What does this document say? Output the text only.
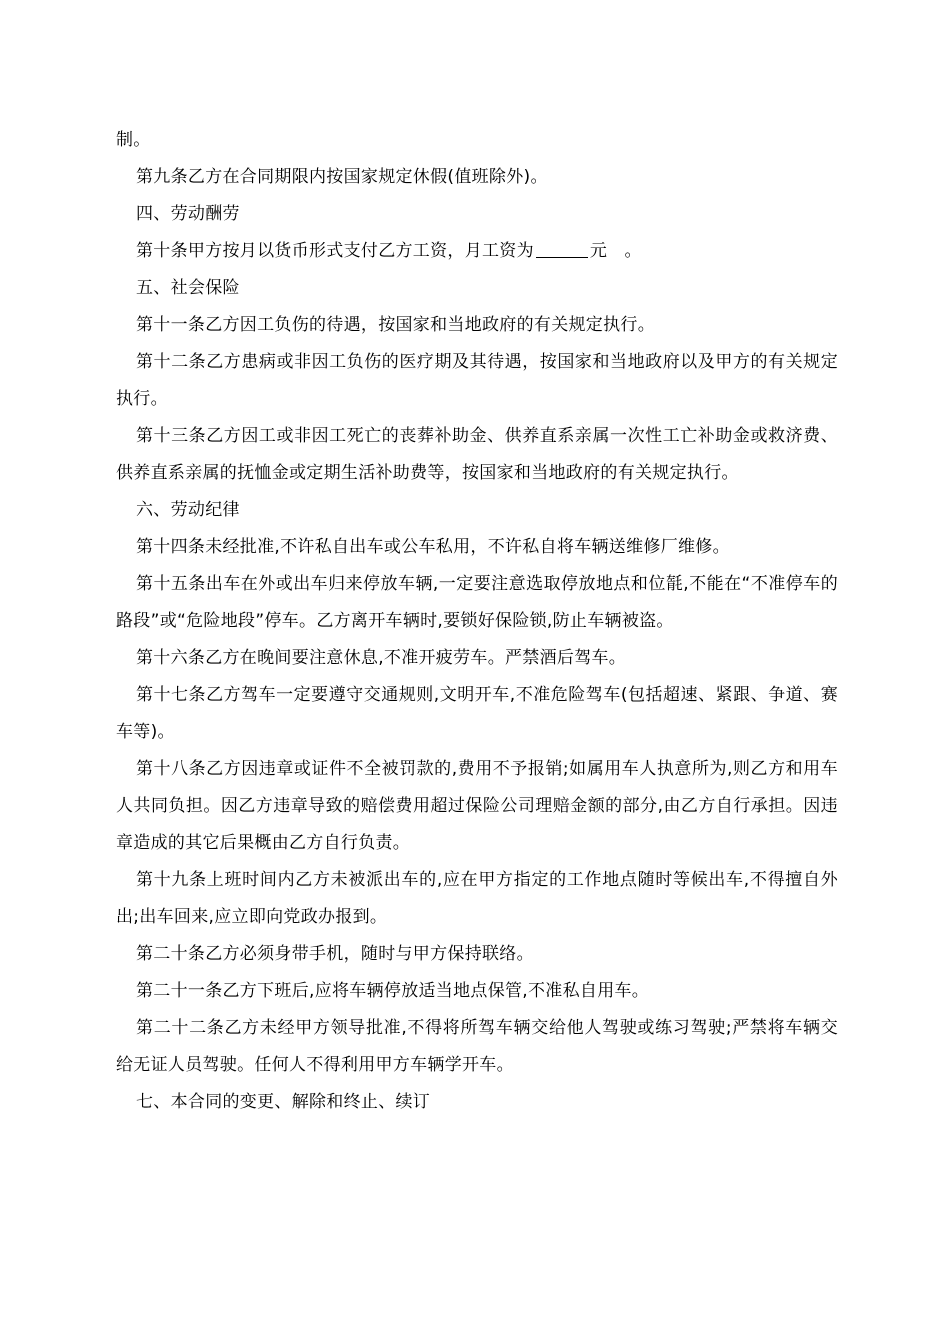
制。

第九条乙方在合同期限内按国家规定休假(值班除外)。

四、劳动酬劳

第十条甲方按月以货币形式支付乙方工资，月工资为	元　。

五、社会保险

第十一条乙方因工负伤的待遇，按国家和当地政府的有关规定执行。

第十二条乙方患病或非因工负伤的医疗期及其待遇，按国家和当地政府以及甲方的有关规定执行。

第十三条乙方因工或非因工死亡的丧葬补助金、供养直系亲属一次性工亡补助金或救济费、供养直系亲属的抚恤金或定期生活补助费等，按国家和当地政府的有关规定执行。

六、劳动纪律

第十四条未经批准,不许私自出车或公车私用，不许私自将车辆送维修厂维修。

第十五条出车在外或出车归来停放车辆,一定要注意选取停放地点和位毻,不能在“不准停车的路段”或“危险地段”停车。乙方离开车辆时,要锁好保险锁,防止车辆被盗。

第十六条乙方在晚间要注意休息,不准开疲劳车。严禁酒后驾车。

第十七条乙方驾车一定要遵守交通规则,文明开车,不准危险驾车(包括超速、紧跟、争道、赛车等)。

第十八条乙方因违章或证件不全被罚款的,费用不予报销;如属用车人执意所为,则乙方和用车人共同负担。因乙方违章导致的赔偿费用超过保险公司理赔金额的部分,由乙方自行承担。因违章造成的其它后果概由乙方自行负责。

第十九条上班时间内乙方未被派出车的,应在甲方指定的工作地点随时等候出车,不得擅自外出;出车回来,应立即向党政办报到。

第二十条乙方必须身带手机，随时与甲方保持联络。

第二十一条乙方下班后,应将车辆停放适当地点保管,不准私自用车。

第二十二条乙方未经甲方领导批准,不得将所驾车辆交给他人驾驶或练习驾驶;严禁将车辆交给无证人员驾驶。任何人不得利用甲方车辆学开车。

七、本合同的变更、解除和终止、续订
